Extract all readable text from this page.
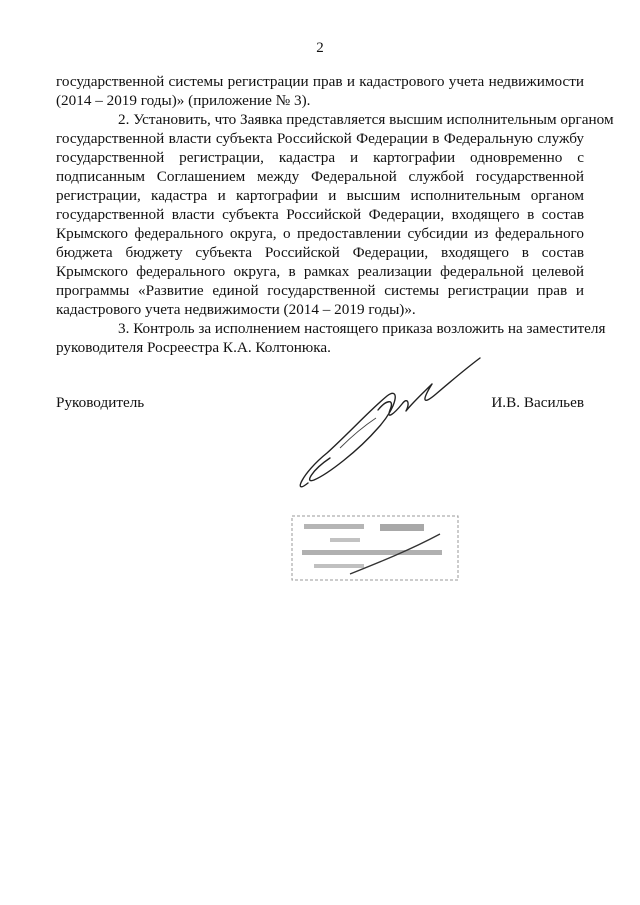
2
государственной системы регистрации прав и кадастрового учета недвижимости
(2014 – 2019 годы)» (приложение № 3).
2. Установить, что Заявка представляется высшим исполнительным органом
государственной власти субъекта Российской Федерации в Федеральную службу
государственной регистрации, кадастра и картографии одновременно с
подписанным Соглашением между Федеральной службой государственной
регистрации, кадастра и картографии и высшим исполнительным органом
государственной власти субъекта Российской Федерации, входящего в состав
Крымского федерального округа, о предоставлении субсидии из федерального
бюджета бюджету субъекта Российской Федерации, входящего в состав
Крымского федерального округа, в рамках реализации федеральной целевой
программы «Развитие единой государственной системы регистрации прав и
кадастрового учета недвижимости (2014 – 2019 годы)».
3. Контроль за исполнением настоящего приказа возложить на заместителя
руководителя Росреестра К.А. Колтонюка.
Руководитель	И.В. Васильев
